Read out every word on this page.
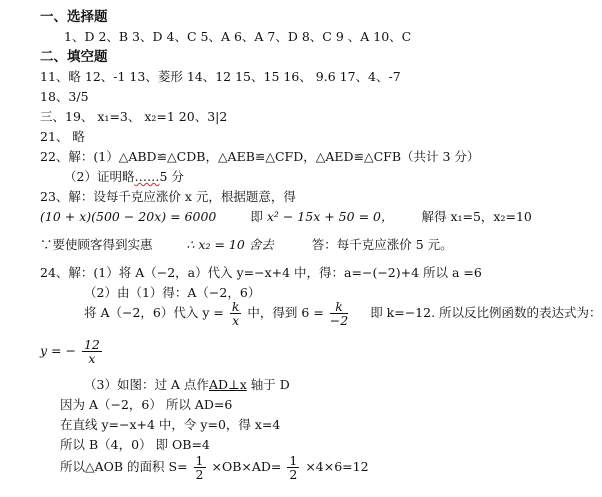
一、选择题
1、D 2、B 3、D 4、C 5、A 6、A 7、D 8、C 9 、A 10、C
二、填空题
11、略 12、-1 13、菱形 14、12 15、15 16、 9.6 17、4、-7
18、3/5
三、19、 x₁=3、 x₂=1 20、3|2
21、 略
22、解：(1）△ABD≌△CDB，△AEB≌△CFD，△AED≌△CFB（共计 3 分）
（2）证明略……5 分
23、解：设每千克应涨价 x 元，根据题意，得
(10 + x)(500 − 20x) = 6000	即 x² − 15x + 50 = 0， 解得 x₁=5，x₂=10
∵要使顾客得到实惠	∴ x₂ = 10 舍去	答：每千克应涨价 5 元。
24、解：(1）将 A（−2，a）代入 y=−x+4 中，得：a=−(−2)+4 所以 a =6
（2）由（1）得：A（−2，6）
将 A（−2，6）代入 $y = \frac{k}{x}$ 中，得到 $6 = \frac{k}{-2}$ 即 k=−12. 所以反比例函数的表达式为：
y = − $\frac{12}{x}$
（3）如图：过 A 点作AD⊥x 轴于 D
因为 A（−2，6） 所以 AD=6
在直线 y=−x+4 中，令 y=0，得 x=4
所以 B（4，0） 即 OB=4
所以△AOB 的面积 $S= \frac{1}{2} \times OB\times AD= \frac{1}{2} \times 4\times 6=12$
